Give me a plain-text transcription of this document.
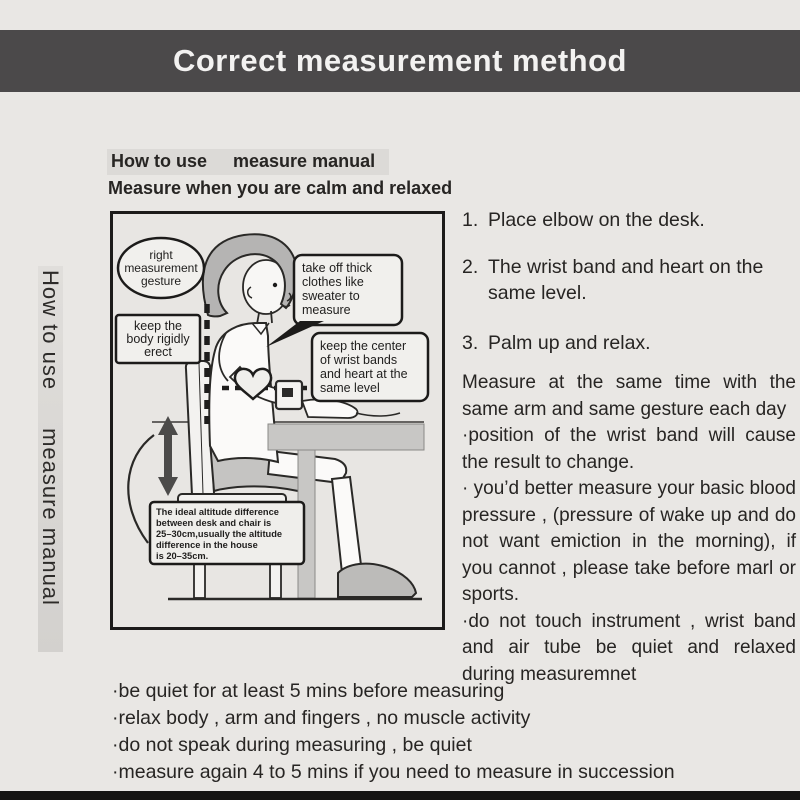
Correct measurement method
How to use measure manual
Measure when you are calm and relaxed
How to usemeasure manual
right
measurement
gesture
keep the
body rigidly
erect
take off thick
clothes like
sweater to
measure
keep the center
of wrist bands
and heart at the
same level
The ideal altitude difference
between desk and chair is
25–30cm,usually the altitude
difference in the house
is 20–35cm.
1. Place elbow on the desk.
2. The wrist band and heart on the same level.
3. Palm up and relax.
Measure at the same time with the same arm and same gesture each day
·position of the wrist band will cause the result to change.
· you’d better measure your basic blood pressure , (pressure of wake up and do not want emiction in the morning), if you cannot , please take before marl or sports.
·do not touch instrument , wrist band and air tube be quiet and relaxed during measuremnet
·be quiet for at least 5 mins before measuring
·relax body , arm and fingers , no muscle activity
·do not speak during measuring , be quiet
·measure again 4 to 5 mins if you need to measure in succession
